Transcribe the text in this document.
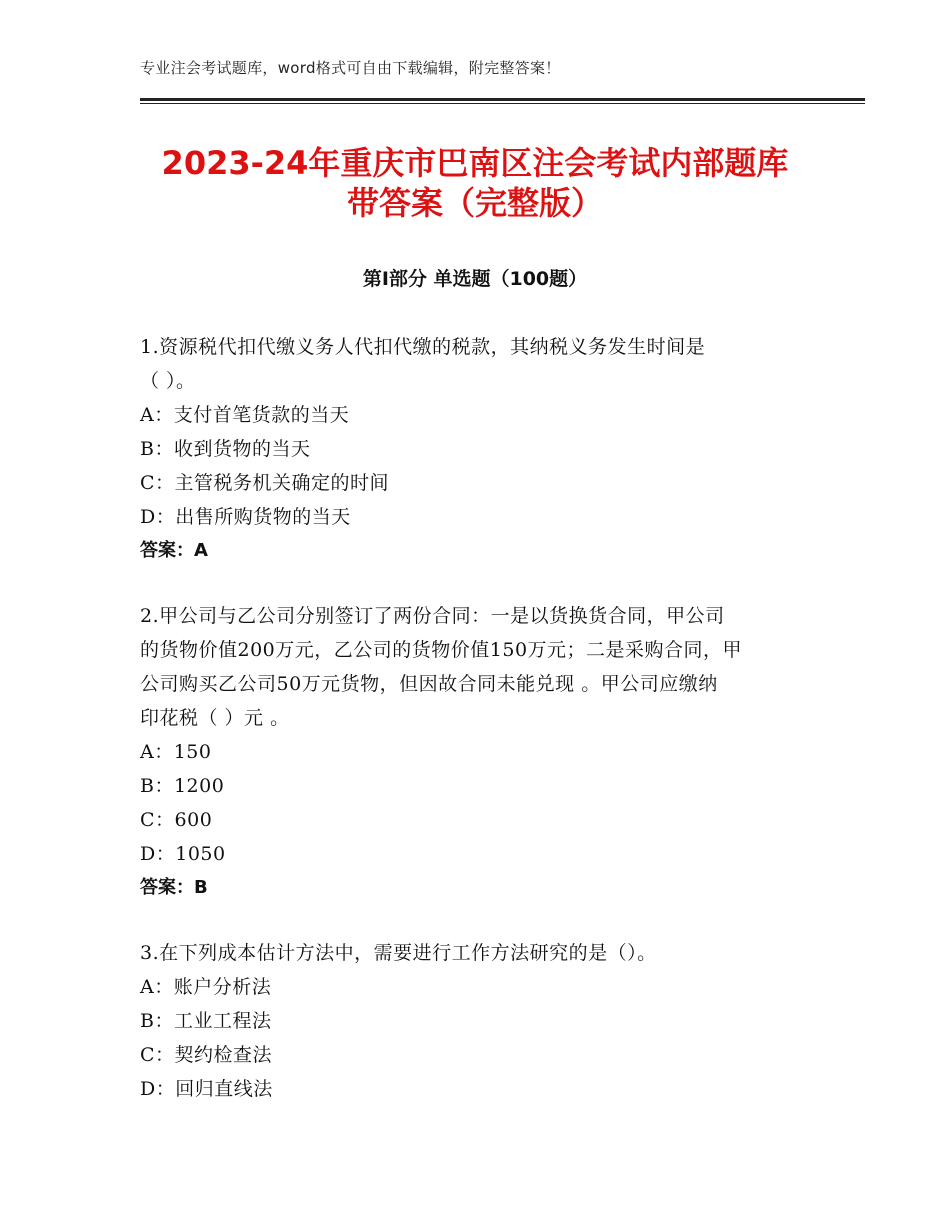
专业注会考试题库，word格式可自由下载编辑，附完整答案！
2023-24年重庆市巴南区注会考试内部题库
带答案（完整版）
第Ⅰ部分 单选题（100题）
1.资源税代扣代缴义务人代扣代缴的税款，其纳税义务发生时间是
（ ）。
A：支付首笔货款的当天
B：收到货物的当天
C：主管税务机关确定的时间
D：出售所购货物的当天
答案：A
2.甲公司与乙公司分别签订了两份合同：一是以货换货合同，甲公司
的货物价值200万元，乙公司的货物价值150万元；二是采购合同，甲
公司购买乙公司50万元货物，但因故合同未能兑现 。甲公司应缴纳
印花税（ ）元 。
A：150
B：1200
C：600
D：1050
答案：B
3.在下列成本估计方法中，需要进行工作方法研究的是（）。
A：账户分析法
B：工业工程法
C：契约检查法
D：回归直线法
